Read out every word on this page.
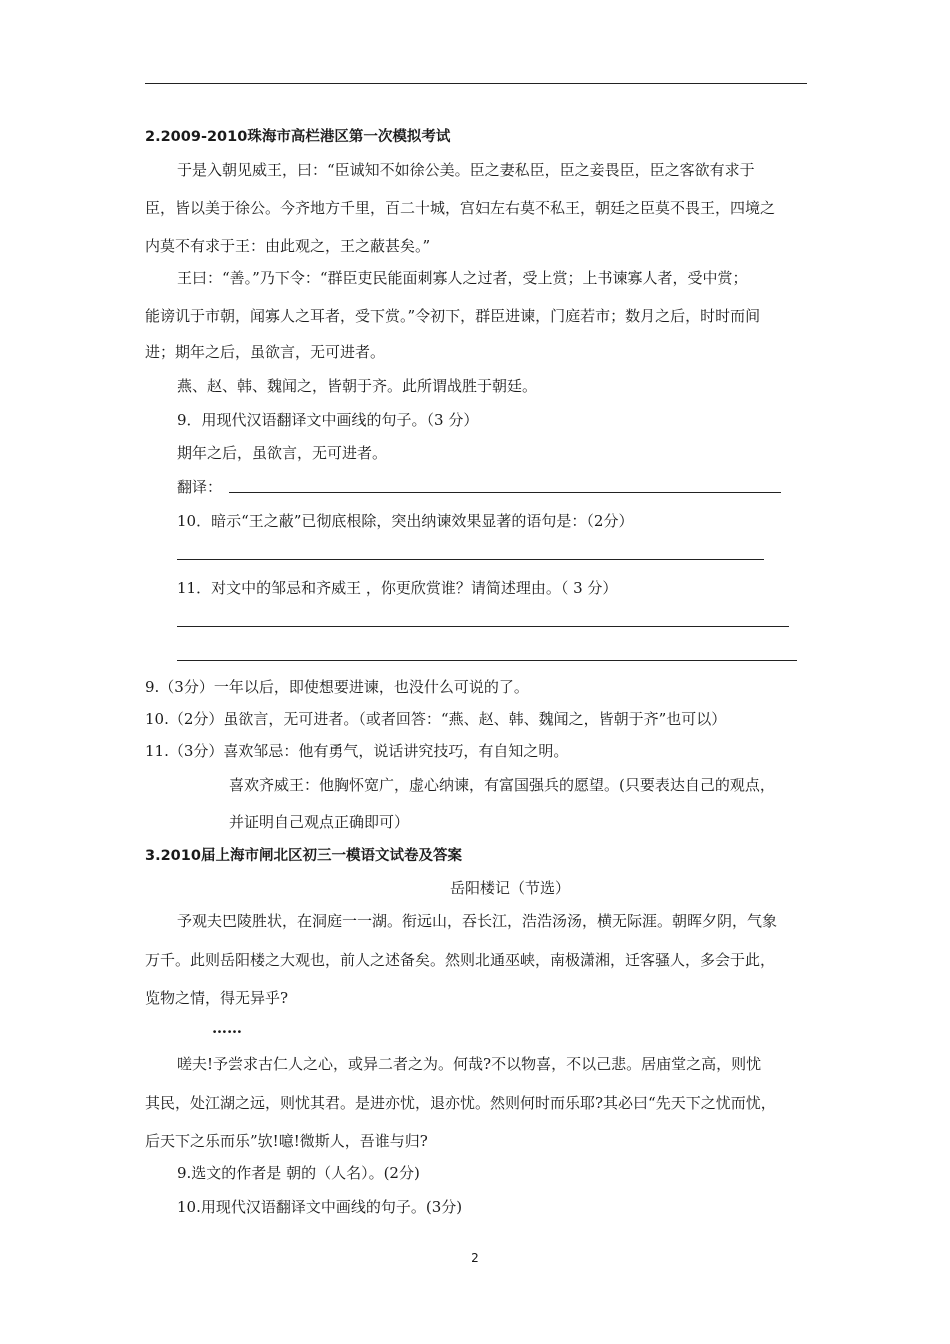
2.2009-2010珠海市高栏港区第一次模拟考试
于是入朝见威王，曰：“臣诚知不如徐公美。臣之妻私臣，臣之妾畏臣，臣之客欲有求于
臣，皆以美于徐公。今齐地方千里，百二十城，宫妇左右莫不私王，朝廷之臣莫不畏王，四境之
内莫不有求于王：由此观之，王之蔽甚矣。”
王曰：“善。”乃下令：“群臣吏民能面刺寡人之过者，受上赏；上书谏寡人者，受中赏；
能谤讥于市朝，闻寡人之耳者，受下赏。”令初下，群臣进谏，门庭若市；数月之后，时时而间
进；期年之后，虽欲言，无可进者。
燕、赵、韩、魏闻之，皆朝于齐。此所谓战胜于朝廷。
9．用现代汉语翻译文中画线的句子。（3 分）
期年之后，虽欲言，无可进者。
翻译：
10．暗示“王之蔽”已彻底根除，突出纳谏效果显著的语句是：（2分）
11．对文中的邹忌和齐威王 ，你更欣赏谁？请简述理由。（ 3 分）
9.（3分）一年以后，即使想要进谏，也没什么可说的了。
10.（2分）虽欲言，无可进者。（或者回答：“燕、赵、韩、魏闻之，皆朝于齐”也可以）
11.（3分）喜欢邹忌：他有勇气，说话讲究技巧，有自知之明。
喜欢齐威王：他胸怀宽广，虚心纳谏，有富国强兵的愿望。(只要表达自己的观点，
并证明自己观点正确即可）
3.2010届上海市闸北区初三一模语文试卷及答案
岳阳楼记（节选）
予观夫巴陵胜状，在洞庭一一湖。衔远山，吞长江，浩浩汤汤，横无际涯。朝晖夕阴，气象
万千。此则岳阳楼之大观也，前人之述备矣。然则北通巫峡，南极潇湘，迁客骚人，多会于此，
览物之情，得无异乎?
……
嗟夫!予尝求古仁人之心，或异二者之为。何哉?不以物喜，不以己悲。居庙堂之高，则忧
其民，处江湖之远，则忧其君。是进亦忧，退亦忧。然则何时而乐耶?其必曰“先天下之忧而忧，
后天下之乐而乐”欤!噫!微斯人，吾谁与归?
9.选文的作者是 朝的（人名）。(2分)
10.用现代汉语翻译文中画线的句子。(3分)
2
